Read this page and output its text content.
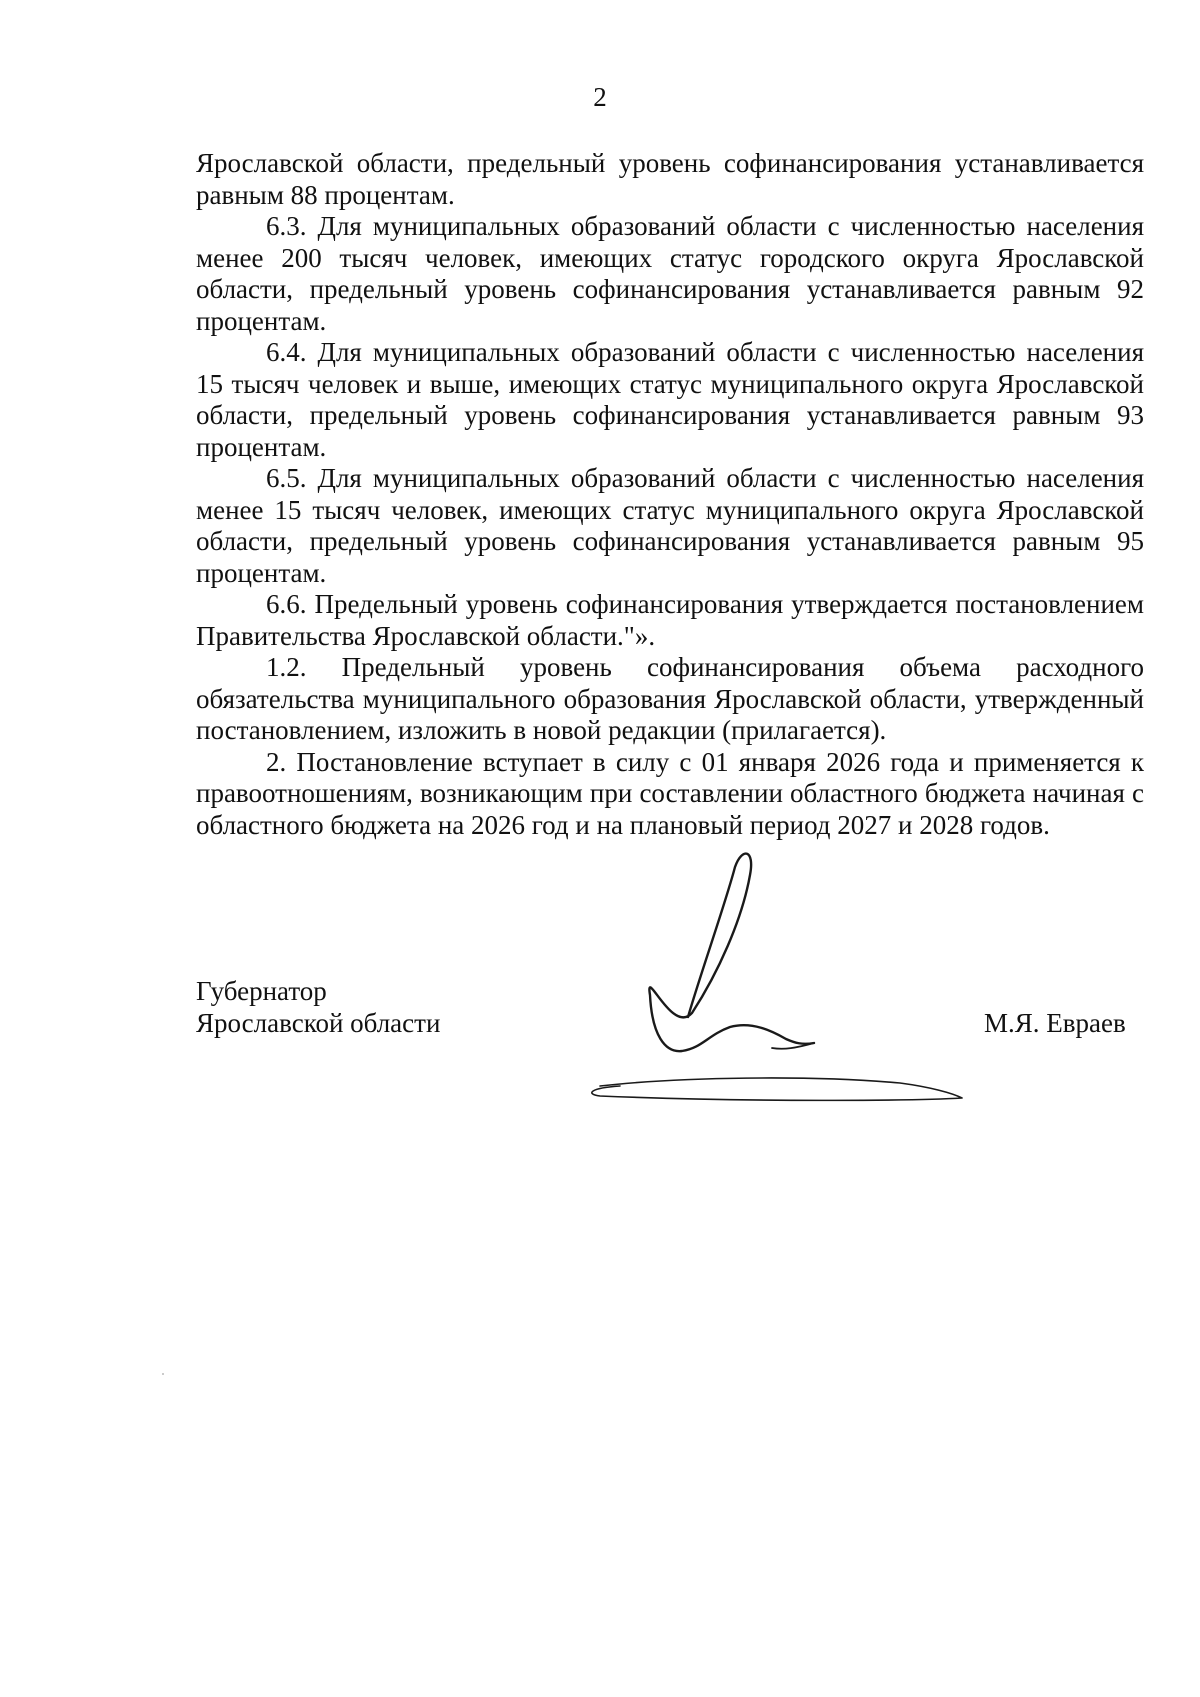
2

Ярославской области, предельный уровень софинансирования устанавливается равным 88 процентам.

6.3. Для муниципальных образований области с численностью населения менее 200 тысяч человек, имеющих статус городского округа Ярославской области, предельный уровень софинансирования устанавливается равным 92 процентам.

6.4. Для муниципальных образований области с численностью населения 15 тысяч человек и выше, имеющих статус муниципального округа Ярославской области, предельный уровень софинансирования устанавливается равным 93 процентам.

6.5. Для муниципальных образований области с численностью населения менее 15 тысяч человек, имеющих статус муниципального округа Ярославской области, предельный уровень софинансирования устанавливается равным 95 процентам.

6.6. Предельный уровень софинансирования утверждается постановлением Правительства Ярославской области."».

1.2. Предельный уровень софинансирования объема расходного обязательства муниципального образования Ярославской области, утвержденный постановлением, изложить в новой редакции (прилагается).

2. Постановление вступает в силу с 01 января 2026 года и применяется к правоотношениям, возникающим при составлении областного бюджета начиная с областного бюджета на 2026 год и на плановый период 2027 и 2028 годов.

Губернатор
Ярославской области	М.Я. Евраев
